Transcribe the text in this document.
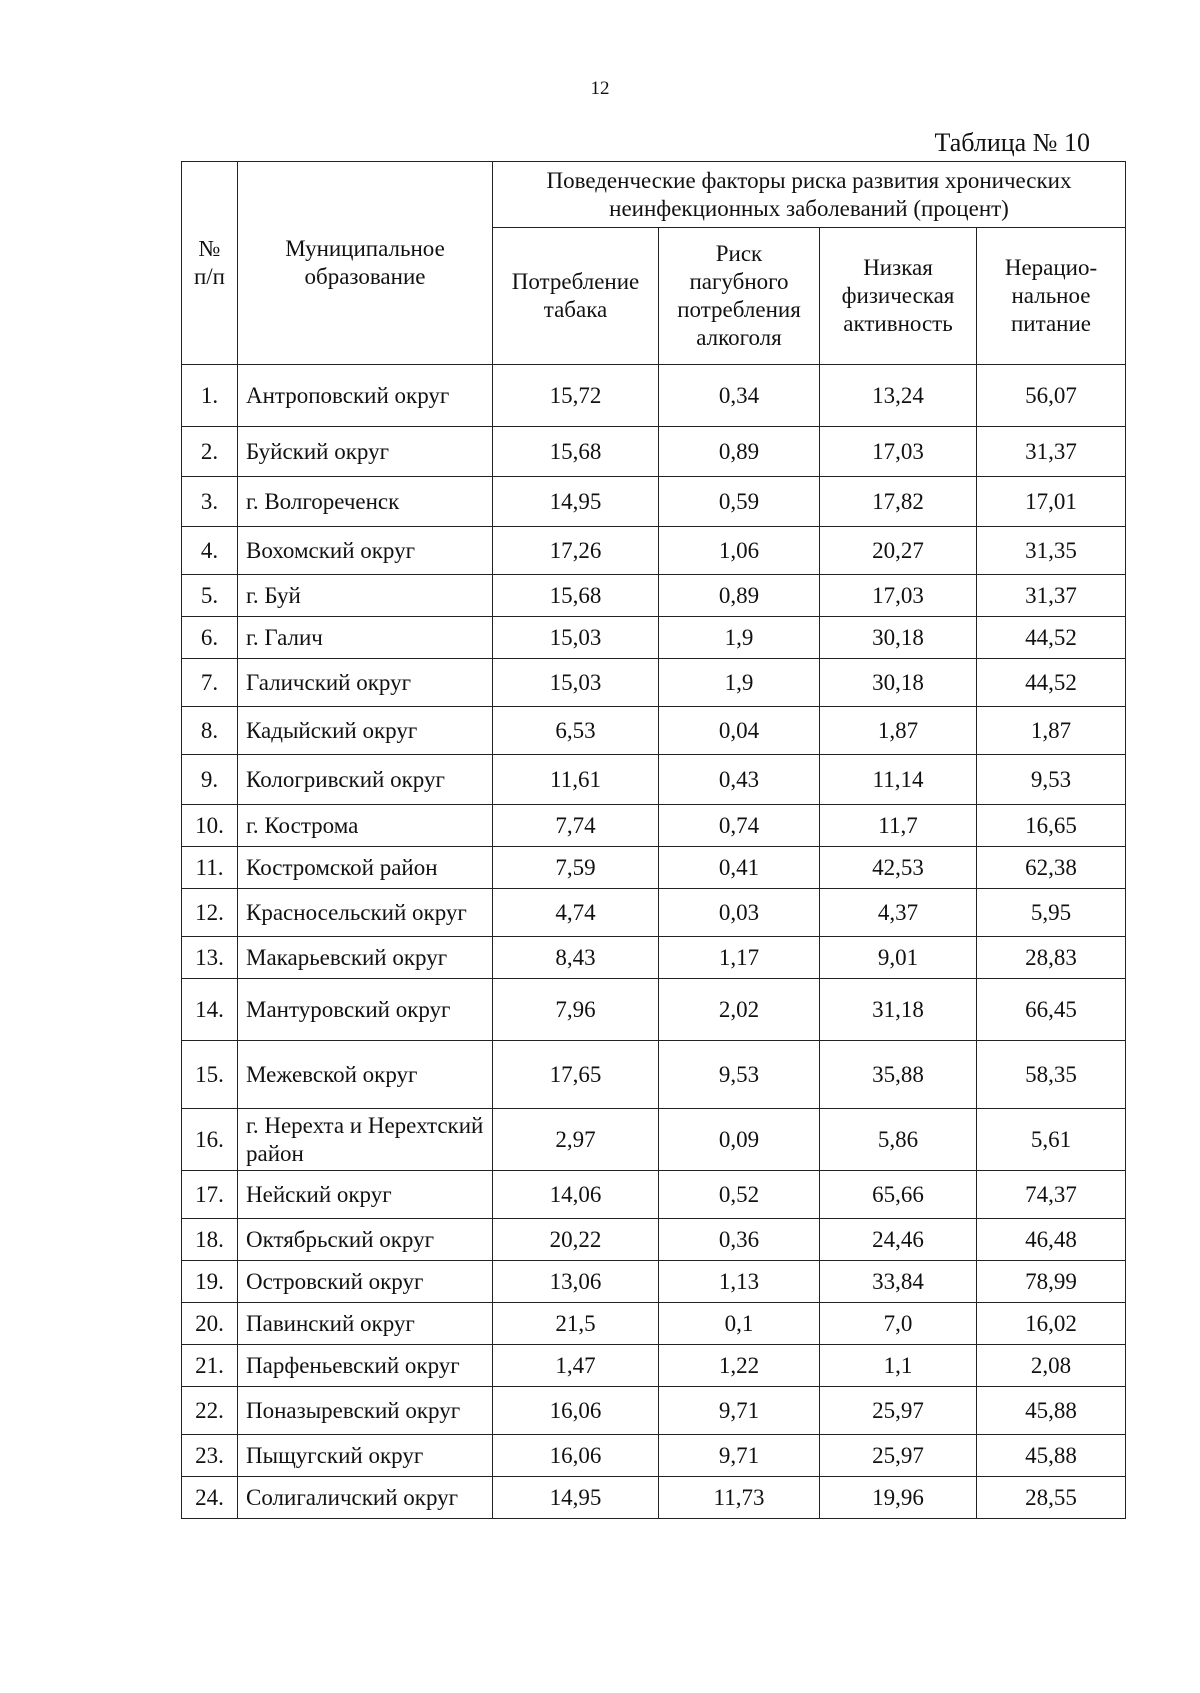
12
Таблица № 10
№ п/п	Муниципальное образование	Поведенческие факторы риска развития хронических неинфекционных заболеваний (процент)			
		Потребление табака	Риск пагубного потребления алкоголя	Низкая физическая активность	Нерацио-нальное питание
1.	Антроповский округ	15,72	0,34	13,24	56,07
2.	Буйский округ	15,68	0,89	17,03	31,37
3.	г. Волгореченск	14,95	0,59	17,82	17,01
4.	Вохомский округ	17,26	1,06	20,27	31,35
5.	г. Буй	15,68	0,89	17,03	31,37
6.	г. Галич	15,03	1,9	30,18	44,52
7.	Галичский округ	15,03	1,9	30,18	44,52
8.	Кадыйский округ	6,53	0,04	1,87	1,87
9.	Кологривский округ	11,61	0,43	11,14	9,53
10.	г. Кострома	7,74	0,74	11,7	16,65
11.	Костромской район	7,59	0,41	42,53	62,38
12.	Красносельский округ	4,74	0,03	4,37	5,95
13.	Макарьевский округ	8,43	1,17	9,01	28,83
14.	Мантуровский округ	7,96	2,02	31,18	66,45
15.	Межевской округ	17,65	9,53	35,88	58,35
16.	г. Нерехта и Нерехтский район	2,97	0,09	5,86	5,61
17.	Нейский округ	14,06	0,52	65,66	74,37
18.	Октябрьский округ	20,22	0,36	24,46	46,48
19.	Островский округ	13,06	1,13	33,84	78,99
20.	Павинский округ	21,5	0,1	7,0	16,02
21.	Парфеньевский округ	1,47	1,22	1,1	2,08
22.	Поназыревский округ	16,06	9,71	25,97	45,88
23.	Пыщугский округ	16,06	9,71	25,97	45,88
24.	Солигаличский округ	14,95	11,73	19,96	28,55
